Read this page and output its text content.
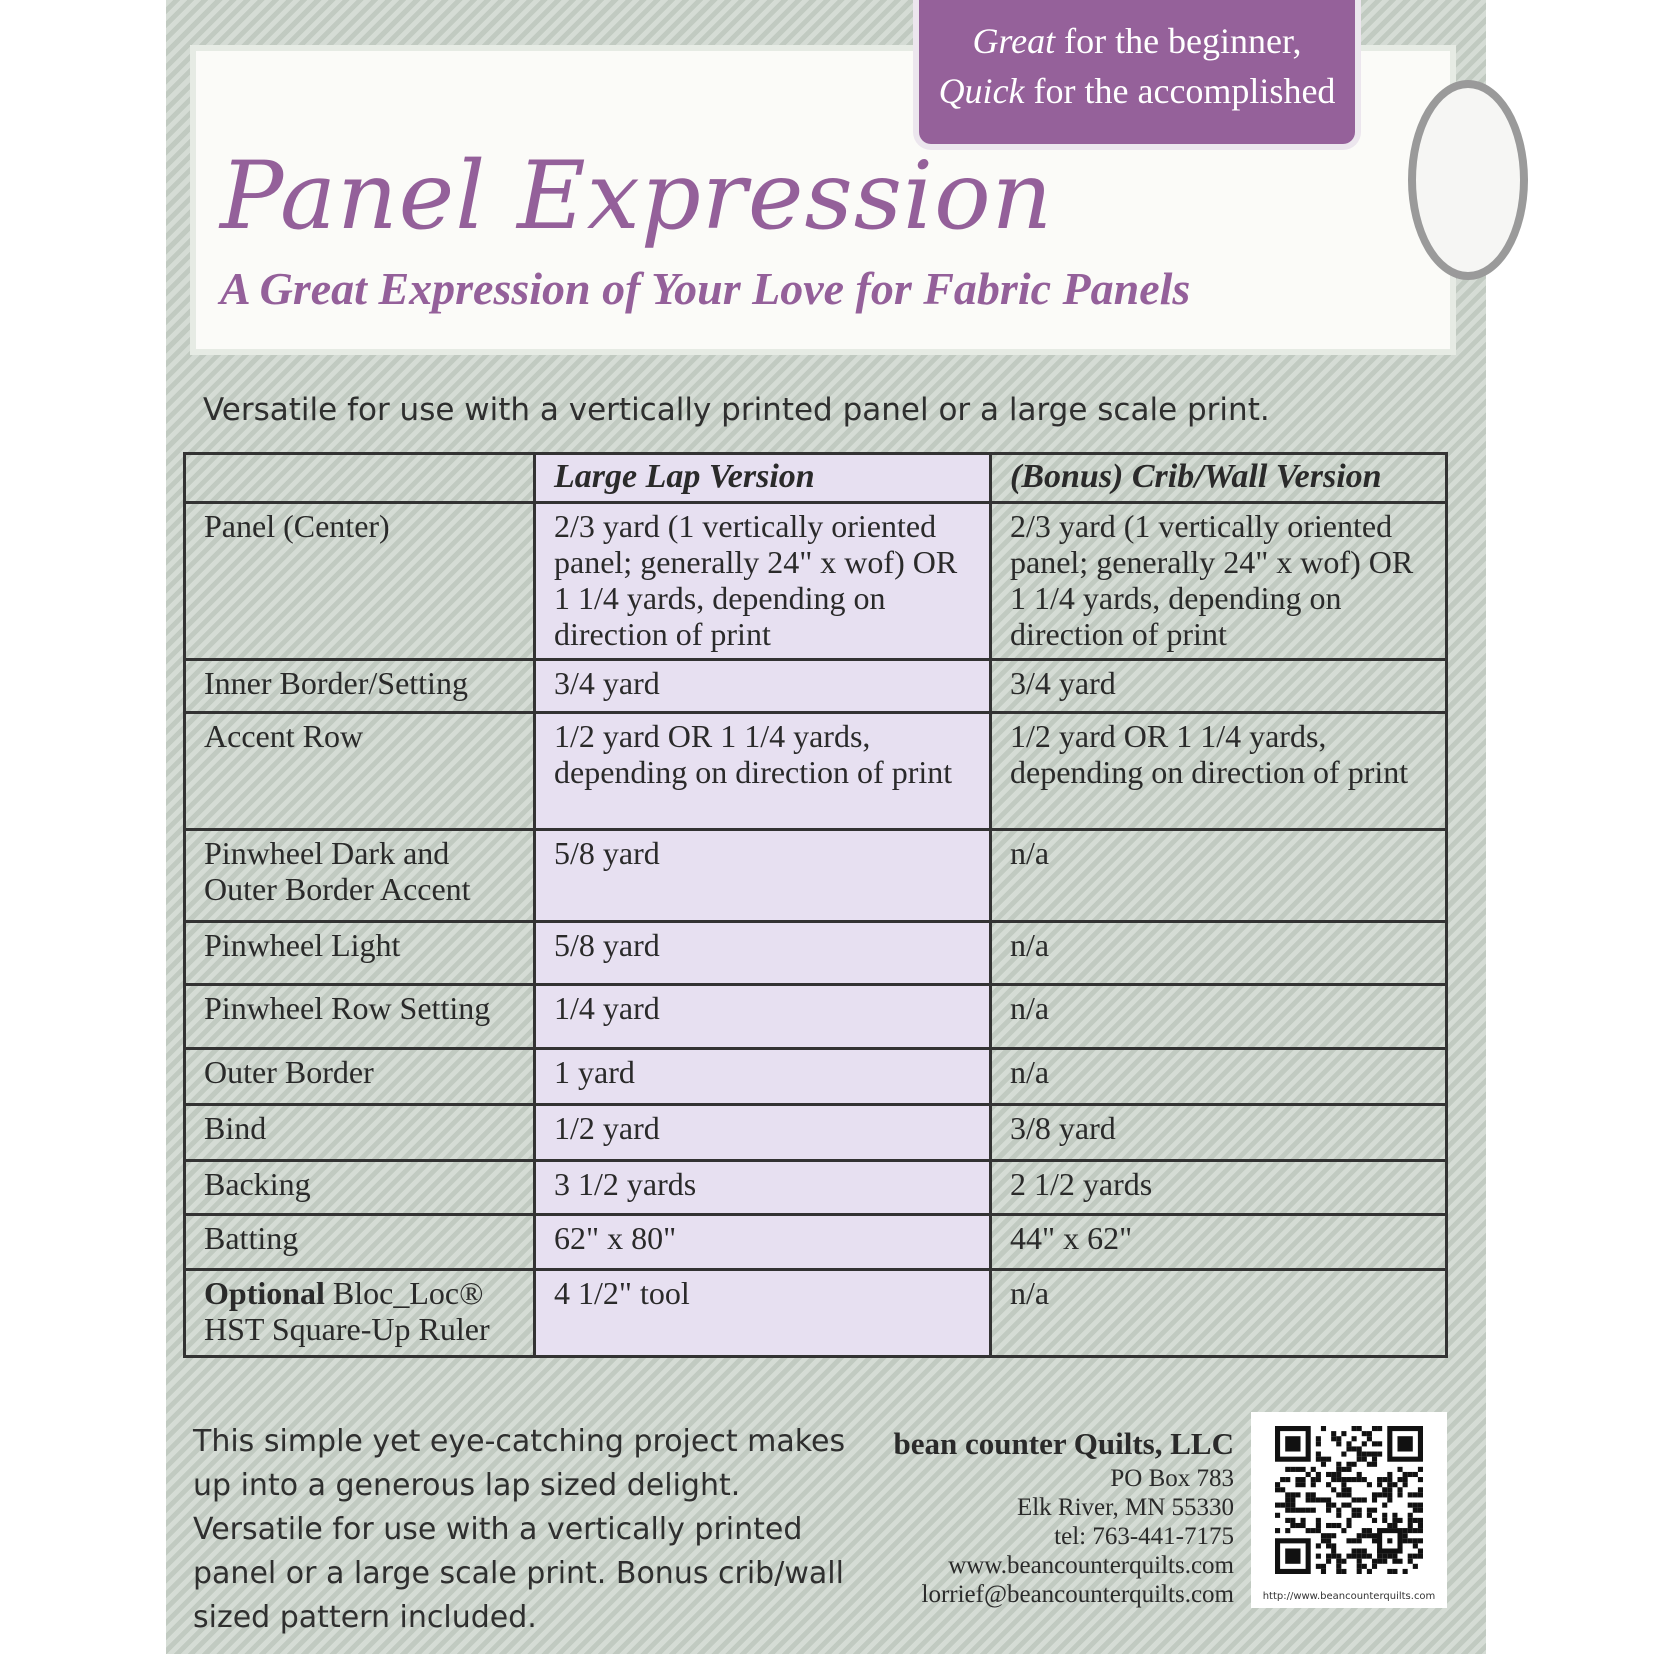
Great for the beginner,
Quick for the accomplished
Panel Expression
A Great Expression of Your Love for Fabric Panels
Versatile for use with a vertically printed panel or a large scale print.
	Large Lap Version	(Bonus) Crib/Wall Version
Panel (Center)	2/3 yard (1 vertically oriented panel; generally 24" x wof) OR 1 1/4 yards, depending on direction of print	2/3 yard (1 vertically oriented panel; generally 24" x wof) OR 1 1/4 yards, depending on direction of print
Inner Border/Setting	3/4 yard	3/4 yard
Accent Row	1/2 yard OR 1 1/4 yards, depending on direction of print	1/2 yard OR 1 1/4 yards, depending on direction of print
Pinwheel Dark and Outer Border Accent	5/8 yard	n/a
Pinwheel Light	5/8 yard	n/a
Pinwheel Row Setting	1/4 yard	n/a
Outer Border	1 yard	n/a
Bind	1/2 yard	3/8 yard
Backing	3 1/2 yards	2 1/2 yards
Batting	62" x 80"	44" x 62"
Optional Bloc_Loc® HST Square-Up Ruler	4 1/2" tool	n/a
This simple yet eye-catching project makes up into a generous lap sized delight. Versatile for use with a vertically printed panel or a large scale print. Bonus crib/wall sized pattern included.
bean counter Quilts, LLC
PO Box 783
Elk River, MN 55330
tel: 763-441-7175
www.beancounterquilts.com
lorrief@beancounterquilts.com	http://www.beancounterquilts.com
